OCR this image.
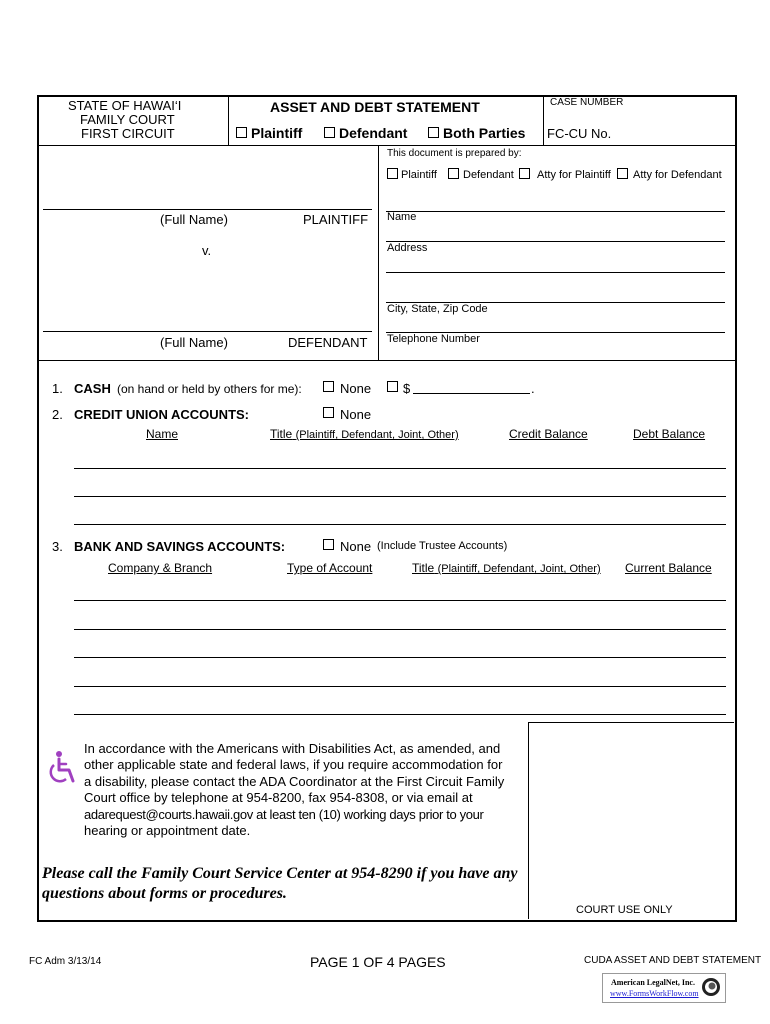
STATE OF HAWAI‘I
FAMILY COURT
FIRST CIRCUIT
ASSET AND DEBT STATEMENT
Plaintiff	Defendant	Both Parties
CASE NUMBER
FC-CU No.
(Full Name)	PLAINTIFF
v.
(Full Name)	DEFENDANT
This document is prepared by:
Plaintiff Defendant Atty for Plaintiff Atty for Defendant
Name
Address
City, State, Zip Code
Telephone Number
1. CASH (on hand or held by others for me):	None $	.
2. CREDIT UNION ACCOUNTS:	None
Name	Title (Plaintiff, Defendant, Joint, Other)	Credit Balance	Debt Balance
3. BANK AND SAVINGS ACCOUNTS:	None (Include Trustee Accounts)
Company & Branch	Type of Account	Title (Plaintiff, Defendant, Joint, Other) Current Balance
COURT USE ONLY
In accordance with the Americans with Disabilities Act, as amended, and
other applicable state and federal laws, if you require accommodation for
a disability, please contact the ADA Coordinator at the First Circuit Family
Court office by telephone at 954-8200, fax 954-8308, or via email at
adarequest@courts.hawaii.gov at least ten (10) working days prior to your
hearing or appointment date.
Please call the Family Court Service Center at 954-8290 if you have any
questions about forms or procedures.
FC Adm 3/13/14	PAGE 1 OF 4 PAGES	CUDA ASSET AND DEBT STATEMENT
American LegalNet, Inc.
www.FormsWorkFlow.com
